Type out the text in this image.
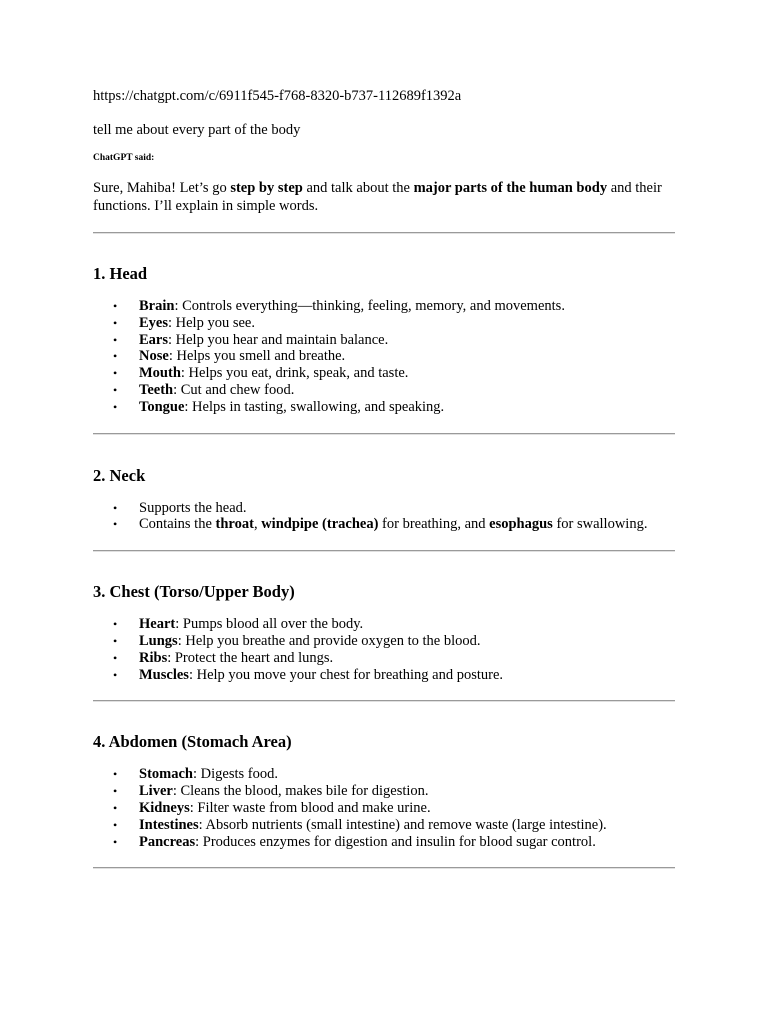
https://chatgpt.com/c/6911f545-f768-8320-b737-112689f1392a

tell me about every part of the body

ChatGPT said:

Sure, Mahiba! Let’s go step by step and talk about the major parts of the human body and their functions. I’ll explain in simple words.

1. Head
• Brain: Controls everything—thinking, feeling, memory, and movements.
• Eyes: Help you see.
• Ears: Help you hear and maintain balance.
• Nose: Helps you smell and breathe.
• Mouth: Helps you eat, drink, speak, and taste.
• Teeth: Cut and chew food.
• Tongue: Helps in tasting, swallowing, and speaking.
2. Neck
• Supports the head.
• Contains the throat, windpipe (trachea) for breathing, and esophagus for swallowing.
3. Chest (Torso/Upper Body)
• Heart: Pumps blood all over the body.
• Lungs: Help you breathe and provide oxygen to the blood.
• Ribs: Protect the heart and lungs.
• Muscles: Help you move your chest for breathing and posture.
4. Abdomen (Stomach Area)
• Stomach: Digests food.
• Liver: Cleans the blood, makes bile for digestion.
• Kidneys: Filter waste from blood and make urine.
• Intestines: Absorb nutrients (small intestine) and remove waste (large intestine).
• Pancreas: Produces enzymes for digestion and insulin for blood sugar control.
